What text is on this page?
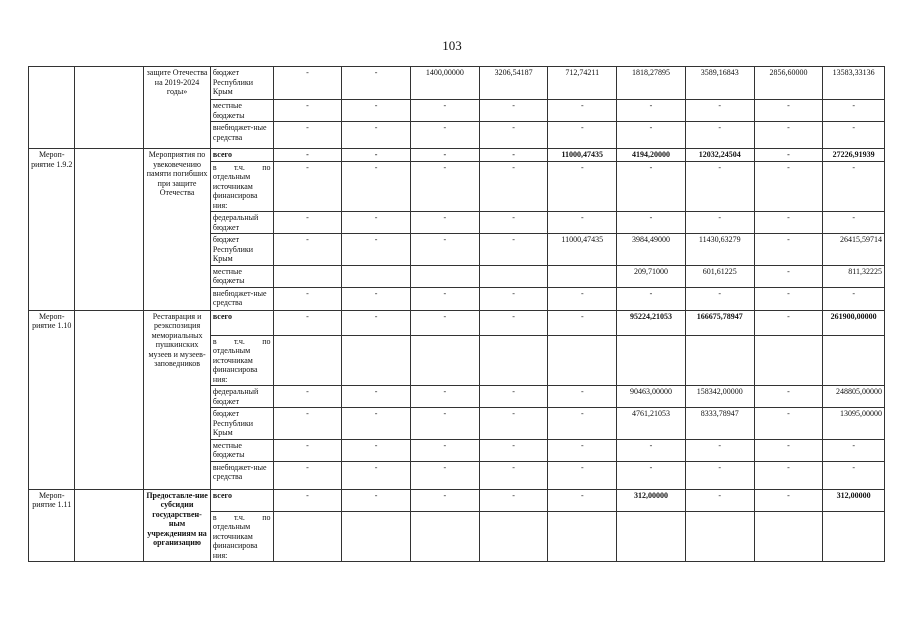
103
		защите Отечества на 2019-2024 годы»	бюджет Республики Крым	-	-	1400,00000	3206,54187	712,74211	1818,27895	3589,16843	2856,60000	13583,33136
			местные бюджеты	-	-	-	-	-	-	-	-	-
			внебюджет-ные средства	-	-	-	-	-	-	-	-	-
Мероп-риятие 1.9.2		Мероприятия по увековечению памяти погибших при защите Отечества	всего	-	-	-	-	11000,47435	4194,20000	12032,24504	-	27226,91939
			в т.ч. по отдельным источникам финансирова ния:	-	-	-	-	-	-	-	-	-
			федеральный бюджет	-	-	-	-	-	-	-	-	-
			бюджет Республики Крым	-	-	-	-	11000,47435	3984,49000	11430,63279	-	26415,59714
			местные бюджеты						209,71000	601,61225	-	811,32225
			внебюджет-ные средства	-	-	-	-	-	-	-	-	-
Мероп-риятие 1.10		Реставрация и реэкспозиция мемориальных пушкинских музеев и музеев-заповедников	всего	-	-	-	-	-	95224,21053	166675,78947	-	261900,00000
			в т.ч. по отдельным источникам финансирова ния:									
			федеральный бюджет	-	-	-	-	-	90463,00000	158342,00000	-	248805,00000
			бюджет Республики Крым	-	-	-	-	-	4761,21053	8333,78947	-	13095,00000
			местные бюджеты	-	-	-	-	-	-	-	-	-
			внебюджет-ные средства	-	-	-	-	-	-	-	-	-
Мероп-риятие 1.11		Предоставле-ние субсидии государствен-ным учреждениям на организацию	всего	-	-	-	-	-	312,00000	-	-	312,00000
			в т.ч. по отдельным источникам финансирова ния:									
